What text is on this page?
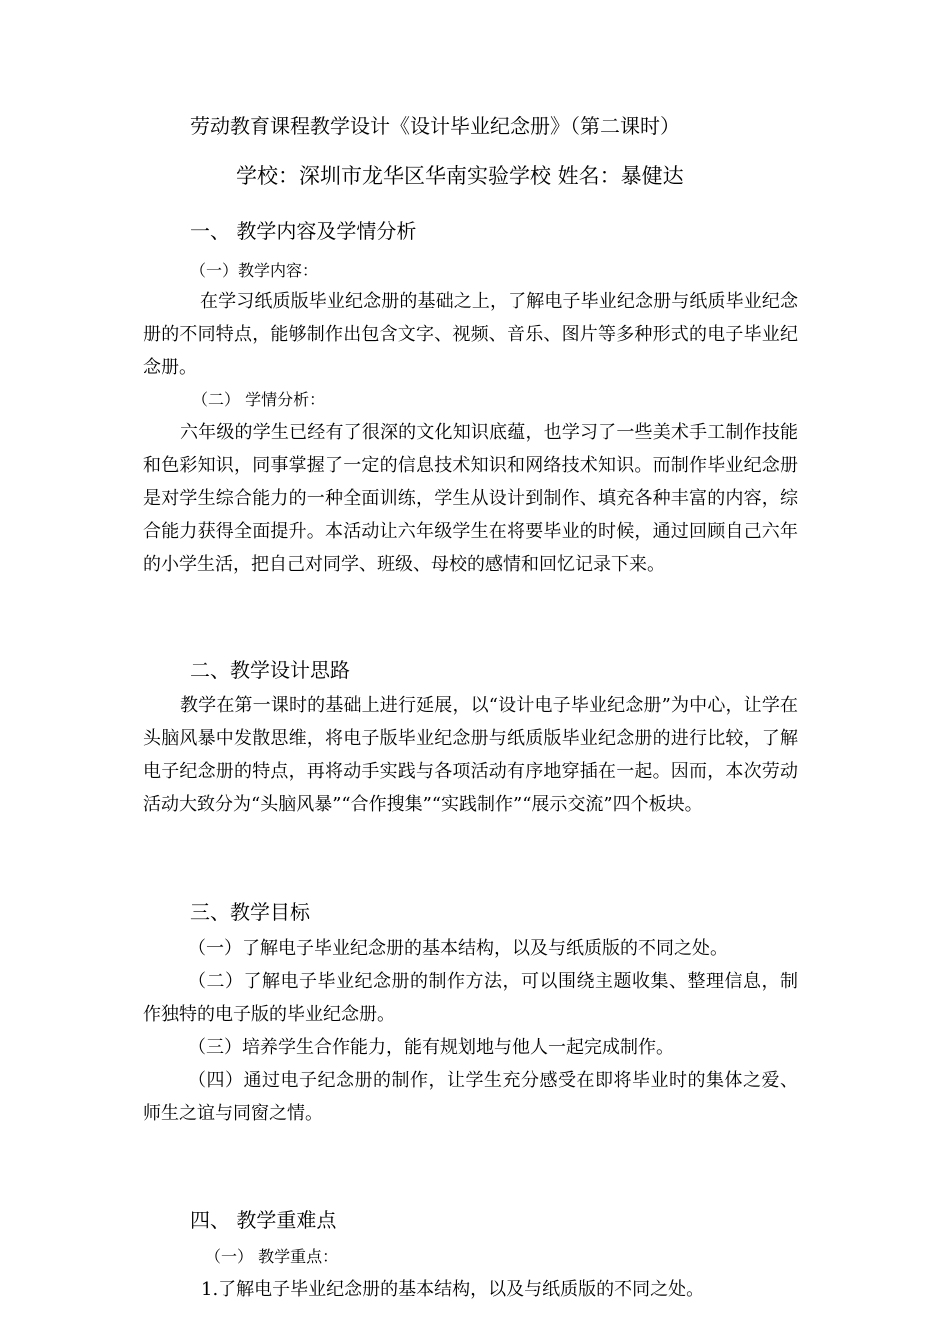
劳动教育课程教学设计《设计毕业纪念册》（第二课时）
学校：深圳市龙华区华南实验学校 姓名：暴健达
一、 教学内容及学情分析
（一）教学内容：
在学习纸质版毕业纪念册的基础之上，了解电子毕业纪念册与纸质毕业纪念册的不同特点，能够制作出包含文字、视频、音乐、图片等多种形式的电子毕业纪念册。
（二） 学情分析：
六年级的学生已经有了很深的文化知识底蕴，也学习了一些美术手工制作技能和色彩知识，同事掌握了一定的信息技术知识和网络技术知识。而制作毕业纪念册是对学生综合能力的一种全面训练，学生从设计到制作、填充各种丰富的内容，综合能力获得全面提升。本活动让六年级学生在将要毕业的时候，通过回顾自己六年的小学生活，把自己对同学、班级、母校的感情和回忆记录下来。
二、教学设计思路
教学在第一课时的基础上进行延展，以“设计电子毕业纪念册”为中心，让学在头脑风暴中发散思维，将电子版毕业纪念册与纸质版毕业纪念册的进行比较，了解电子纪念册的特点，再将动手实践与各项活动有序地穿插在一起。因而，本次劳动活动大致分为“头脑风暴”“合作搜集”“实践制作”“展示交流”四个板块。
三、教学目标
（一）了解电子毕业纪念册的基本结构，以及与纸质版的不同之处。
（二）了解电子毕业纪念册的制作方法，可以围绕主题收集、整理信息，制作独特的电子版的毕业纪念册。
（三）培养学生合作能力，能有规划地与他人一起完成制作。
（四）通过电子纪念册的制作，让学生充分感受在即将毕业时的集体之爱、师生之谊与同窗之情。
四、 教学重难点
（一） 教学重点：
1.了解电子毕业纪念册的基本结构，以及与纸质版的不同之处。
